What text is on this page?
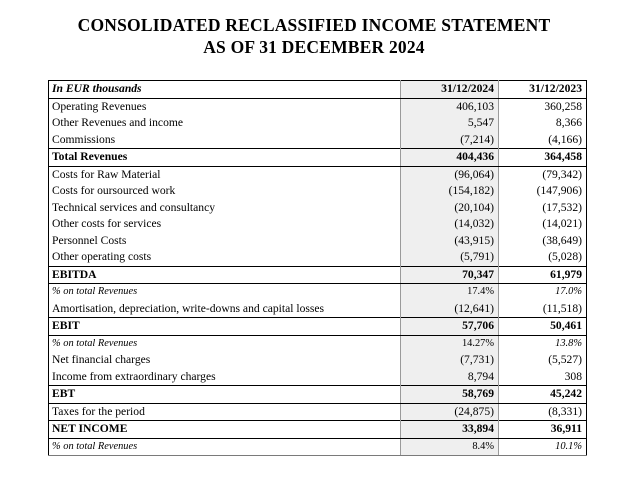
CONSOLIDATED RECLASSIFIED INCOME STATEMENT
AS OF 31 DECEMBER 2024
In EUR thousands	31/12/2024	31/12/2023
Operating Revenues	406,103	360,258
Other Revenues and income	5,547	8,366
Commissions	(7,214)	(4,166)
Total Revenues	404,436	364,458
Costs for Raw Material	(96,064)	(79,342)
Costs for oursourced work	(154,182)	(147,906)
Technical services and consultancy	(20,104)	(17,532)
Other costs for services	(14,032)	(14,021)
Personnel Costs	(43,915)	(38,649)
Other operating costs	(5,791)	(5,028)
EBITDA	70,347	61,979
% on total Revenues	17.4%	17.0%
Amortisation, depreciation, write-downs and capital losses	(12,641)	(11,518)
EBIT	57,706	50,461
% on total Revenues	14.27%	13.8%
Net financial charges	(7,731)	(5,527)
Income from extraordinary charges	8,794	308
EBT	58,769	45,242
Taxes for the period	(24,875)	(8,331)
NET INCOME	33,894	36,911
% on total Revenues	8.4%	10.1%
